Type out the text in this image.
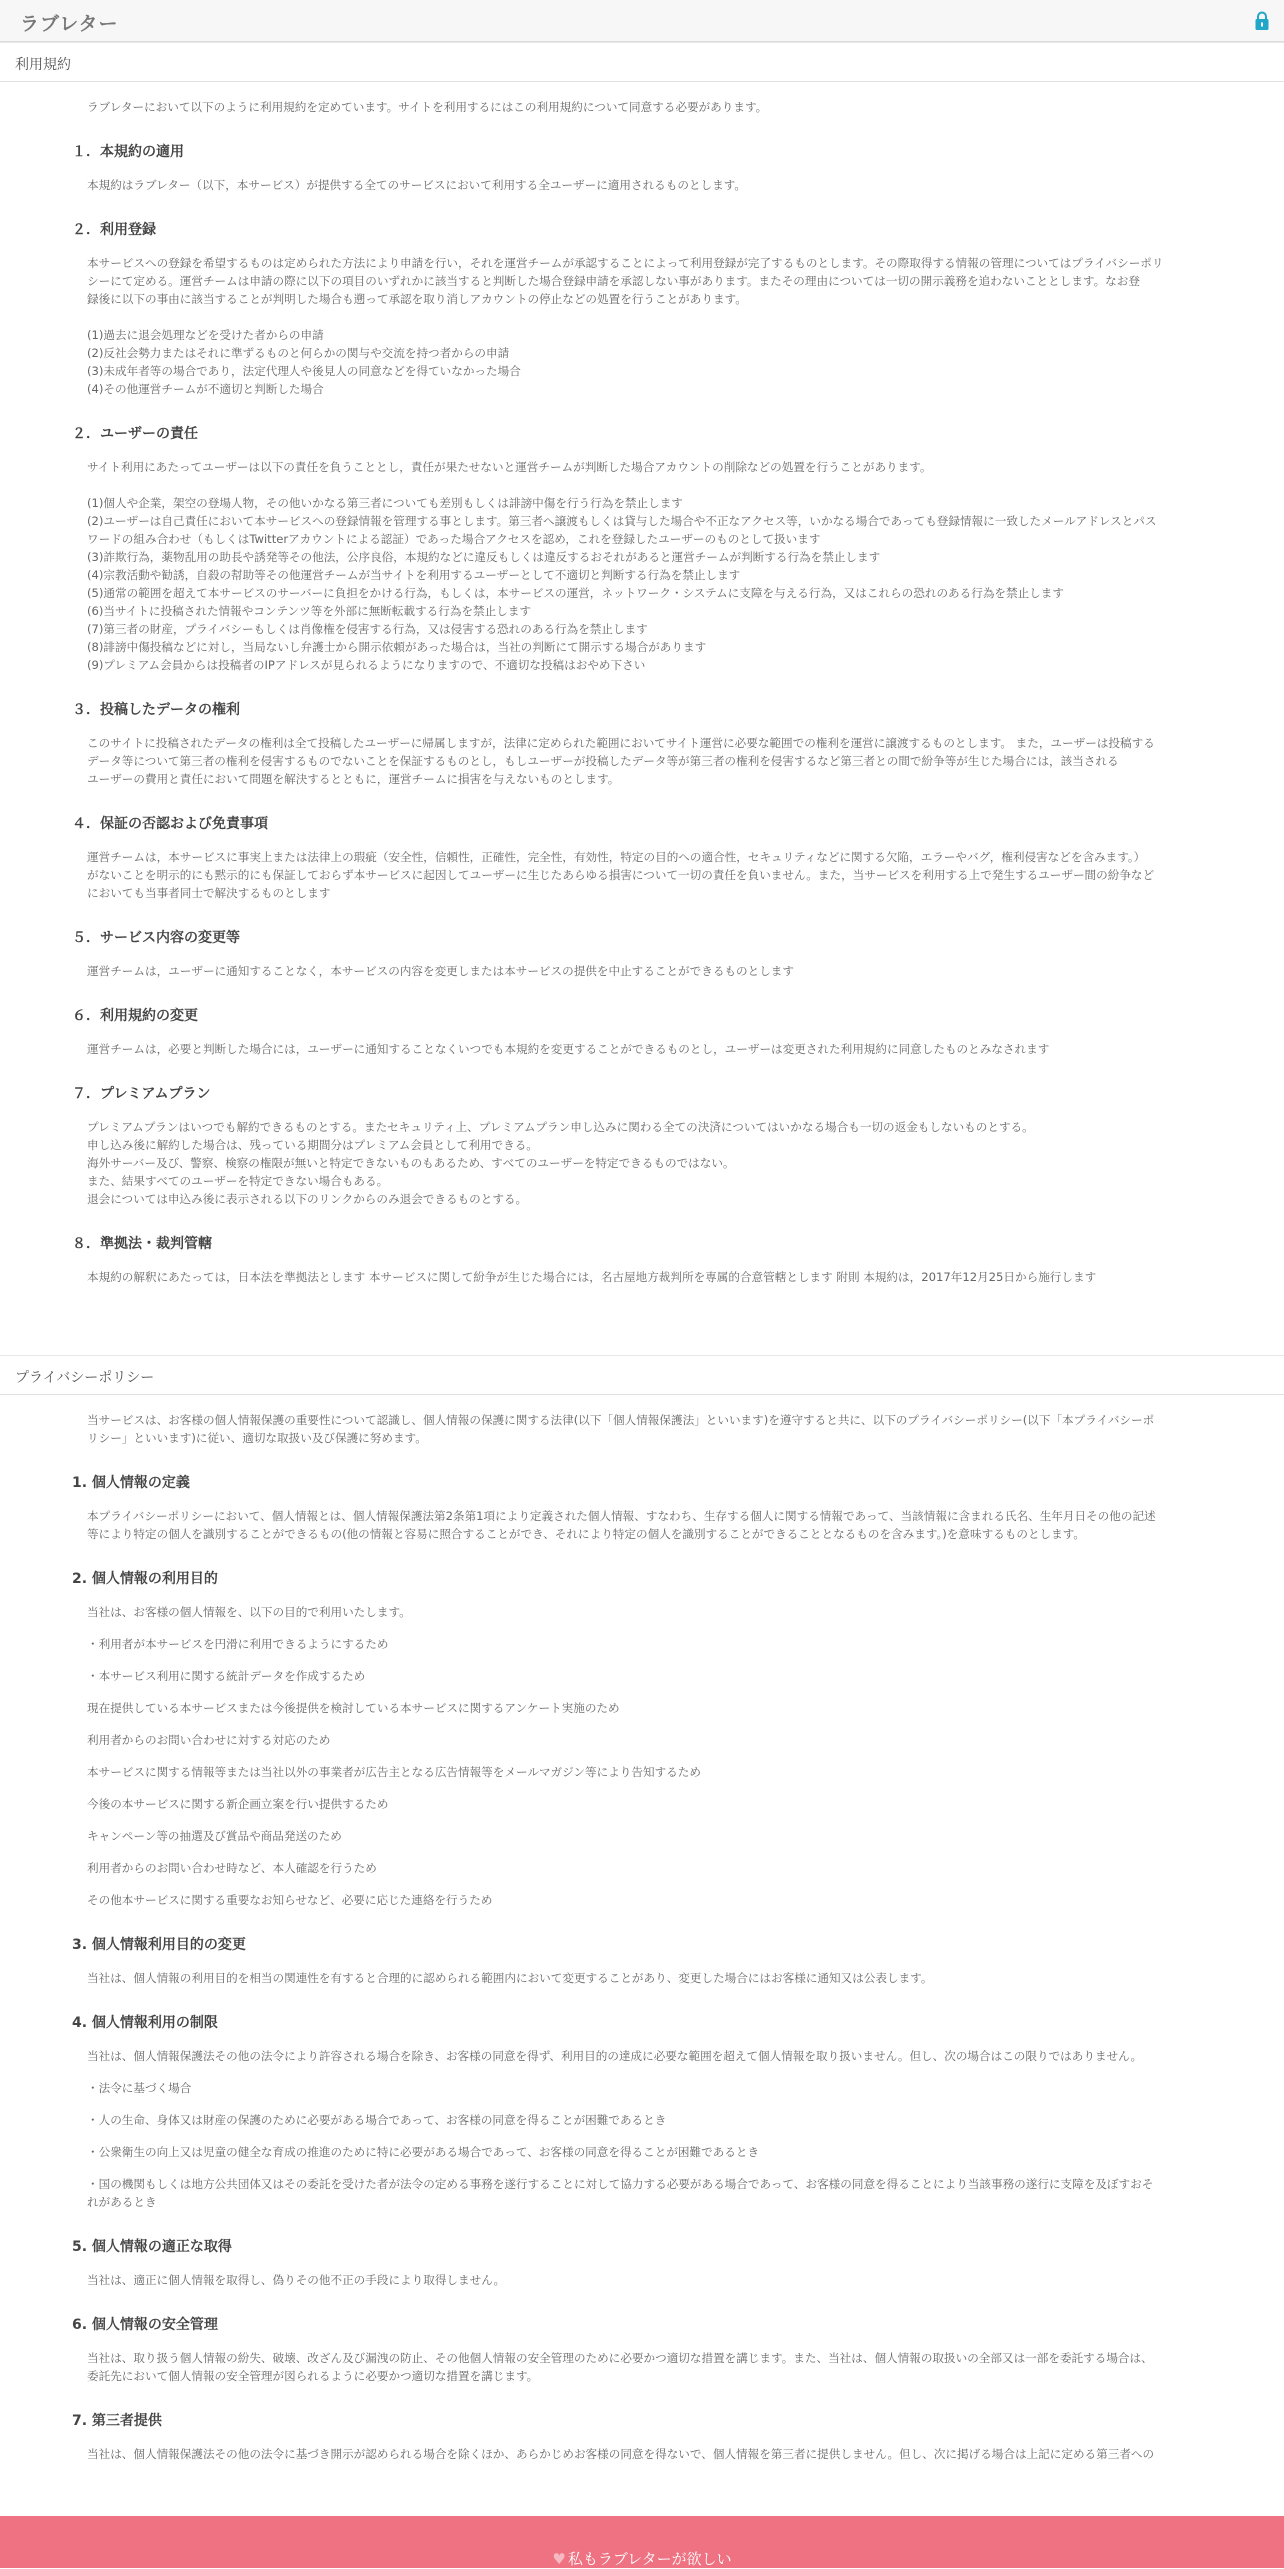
ラブレター
利用規約

ラブレターにおいて以下のように利用規約を定めています。サイトを利用するにはこの利用規約について同意する必要があります。

１．本規約の適用

本規約はラブレター（以下，本サービス）が提供する全てのサービスにおいて利用する全ユーザーに適用されるものとします。

２．利用登録

本サービスへの登録を希望するものは定められた方法により申請を行い，それを運営チームが承認することによって利用登録が完了するものとします。その際取得する情報の管理についてはプライバシーポリ

シーにて定める。運営チームは申請の際に以下の項目のいずれかに該当すると判断した場合登録申請を承認しない事があります。またその理由については一切の開示義務を追わないこととします。なお登

録後に以下の事由に該当することが判明した場合も遡って承認を取り消しアカウントの停止などの処置を行うことがあります。

(1)過去に退会処理などを受けた者からの申請

(2)反社会勢力またはそれに準ずるものと何らかの関与や交流を持つ者からの申請

(3)未成年者等の場合であり，法定代理人や後見人の同意などを得ていなかった場合

(4)その他運営チームが不適切と判断した場合

２．ユーザーの責任

サイト利用にあたってユーザーは以下の責任を負うこととし，責任が果たせないと運営チームが判断した場合アカウントの削除などの処置を行うことがあります。

(1)個人や企業，架空の登場人物，その他いかなる第三者についても差別もしくは誹謗中傷を行う行為を禁止します

(2)ユーザーは自己責任において本サービスへの登録情報を管理する事とします。第三者へ譲渡もしくは貸与した場合や不正なアクセス等，いかなる場合であっても登録情報に一致したメールアドレスとパス

ワードの組み合わせ（もしくはTwitterアカウントによる認証）であった場合アクセスを認め，これを登録したユーザーのものとして扱います

(3)詐欺行為，薬物乱用の助長や誘発等その他法，公序良俗，本規約などに違反もしくは違反するおそれがあると運営チームが判断する行為を禁止します

(4)宗教活動や勧誘，自殺の幇助等その他運営チームが当サイトを利用するユーザーとして不適切と判断する行為を禁止します

(5)通常の範囲を超えて本サービスのサーバーに負担をかける行為，もしくは，本サービスの運営，ネットワーク・システムに支障を与える行為，又はこれらの恐れのある行為を禁止します

(6)当サイトに投稿された情報やコンテンツ等を外部に無断転載する行為を禁止します

(7)第三者の財産，プライバシーもしくは肖像権を侵害する行為，又は侵害する恐れのある行為を禁止します

(8)誹謗中傷投稿などに対し，当局ないし弁護士から開示依頼があった場合は，当社の判断にて開示する場合があります

(9)プレミアム会員からは投稿者のIPアドレスが見られるようになりますので、不適切な投稿はおやめ下さい

３．投稿したデータの権利

このサイトに投稿されたデータの権利は全て投稿したユーザーに帰属しますが，法律に定められた範囲においてサイト運営に必要な範囲での権利を運営に譲渡するものとします。 また，ユーザーは投稿する

データ等について第三者の権利を侵害するものでないことを保証するものとし，もしユーザーが投稿したデータ等が第三者の権利を侵害するなど第三者との間で紛争等が生じた場合には，該当される

ユーザーの費用と責任において問題を解決するとともに，運営チームに損害を与えないものとします。

４．保証の否認および免責事項

運営チームは，本サービスに事実上または法律上の瑕疵（安全性，信頼性，正確性，完全性，有効性，特定の目的への適合性，セキュリティなどに関する欠陥，エラーやバグ，権利侵害などを含みます。）

がないことを明示的にも黙示的にも保証しておらず本サービスに起因してユーザーに生じたあらゆる損害について一切の責任を負いません。また，当サービスを利用する上で発生するユーザー間の紛争など

においても当事者同士で解決するものとします

５．サービス内容の変更等

運営チームは，ユーザーに通知することなく，本サービスの内容を変更しまたは本サービスの提供を中止することができるものとします

６．利用規約の変更

運営チームは，必要と判断した場合には，ユーザーに通知することなくいつでも本規約を変更することができるものとし，ユーザーは変更された利用規約に同意したものとみなされます

７．プレミアムプラン

プレミアムプランはいつでも解約できるものとする。またセキュリティ上、プレミアムプラン申し込みに関わる全ての決済についてはいかなる場合も一切の返金もしないものとする。

申し込み後に解約した場合は、残っている期間分はプレミアム会員として利用できる。

海外サーバー及び、警察、検察の権限が無いと特定できないものもあるため、すべてのユーザーを特定できるものではない。

また、結果すべてのユーザーを特定できない場合もある。

退会については申込み後に表示される以下のリンクからのみ退会できるものとする。

８．準拠法・裁判管轄

本規約の解釈にあたっては，日本法を準拠法とします 本サービスに関して紛争が生じた場合には，名古屋地方裁判所を専属的合意管轄とします 附則 本規約は，2017年12月25日から施行します

プライバシーポリシー

当サービスは、お客様の個人情報保護の重要性について認識し、個人情報の保護に関する法律(以下「個人情報保護法」といいます)を遵守すると共に、以下のプライバシーポリシー(以下「本プライバシーポ

リシー」といいます)に従い、適切な取扱い及び保護に努めます。

1. 個人情報の定義

本プライバシーポリシーにおいて、個人情報とは、個人情報保護法第2条第1項により定義された個人情報、すなわち、生存する個人に関する情報であって、当該情報に含まれる氏名、生年月日その他の記述

等により特定の個人を識別することができるもの(他の情報と容易に照合することができ、それにより特定の個人を識別することができることとなるものを含みます。)を意味するものとします。

2. 個人情報の利用目的

当社は、お客様の個人情報を、以下の目的で利用いたします。

・利用者が本サービスを円滑に利用できるようにするため

・本サービス利用に関する統計データを作成するため

現在提供している本サービスまたは今後提供を検討している本サービスに関するアンケート実施のため

利用者からのお問い合わせに対する対応のため

本サービスに関する情報等または当社以外の事業者が広告主となる広告情報等をメールマガジン等により告知するため

今後の本サービスに関する新企画立案を行い提供するため

キャンペーン等の抽選及び賞品や商品発送のため

利用者からのお問い合わせ時など、本人確認を行うため

その他本サービスに関する重要なお知らせなど、必要に応じた連絡を行うため

3. 個人情報利用目的の変更

当社は、個人情報の利用目的を相当の関連性を有すると合理的に認められる範囲内において変更することがあり、変更した場合にはお客様に通知又は公表します。

4. 個人情報利用の制限

当社は、個人情報保護法その他の法令により許容される場合を除き、お客様の同意を得ず、利用目的の達成に必要な範囲を超えて個人情報を取り扱いません。但し、次の場合はこの限りではありません。

・法令に基づく場合

・人の生命、身体又は財産の保護のために必要がある場合であって、お客様の同意を得ることが困難であるとき

・公衆衛生の向上又は児童の健全な育成の推進のために特に必要がある場合であって、お客様の同意を得ることが困難であるとき

・国の機関もしくは地方公共団体又はその委託を受けた者が法令の定める事務を遂行することに対して協力する必要がある場合であって、お客様の同意を得ることにより当該事務の遂行に支障を及ぼすおそ

れがあるとき

5. 個人情報の適正な取得

当社は、適正に個人情報を取得し、偽りその他不正の手段により取得しません。

6. 個人情報の安全管理

当社は、取り扱う個人情報の紛失、破壊、改ざん及び漏洩の防止、その他個人情報の安全管理のために必要かつ適切な措置を講じます。また、当社は、個人情報の取扱いの全部又は一部を委託する場合は、

委託先において個人情報の安全管理が図られるように必要かつ適切な措置を講じます。

7. 第三者提供

当社は、個人情報保護法その他の法令に基づき開示が認められる場合を除くほか、あらかじめお客様の同意を得ないで、個人情報を第三者に提供しません。但し、次に掲げる場合は上記に定める第三者への

♥ 私もラブレターが欲しい
